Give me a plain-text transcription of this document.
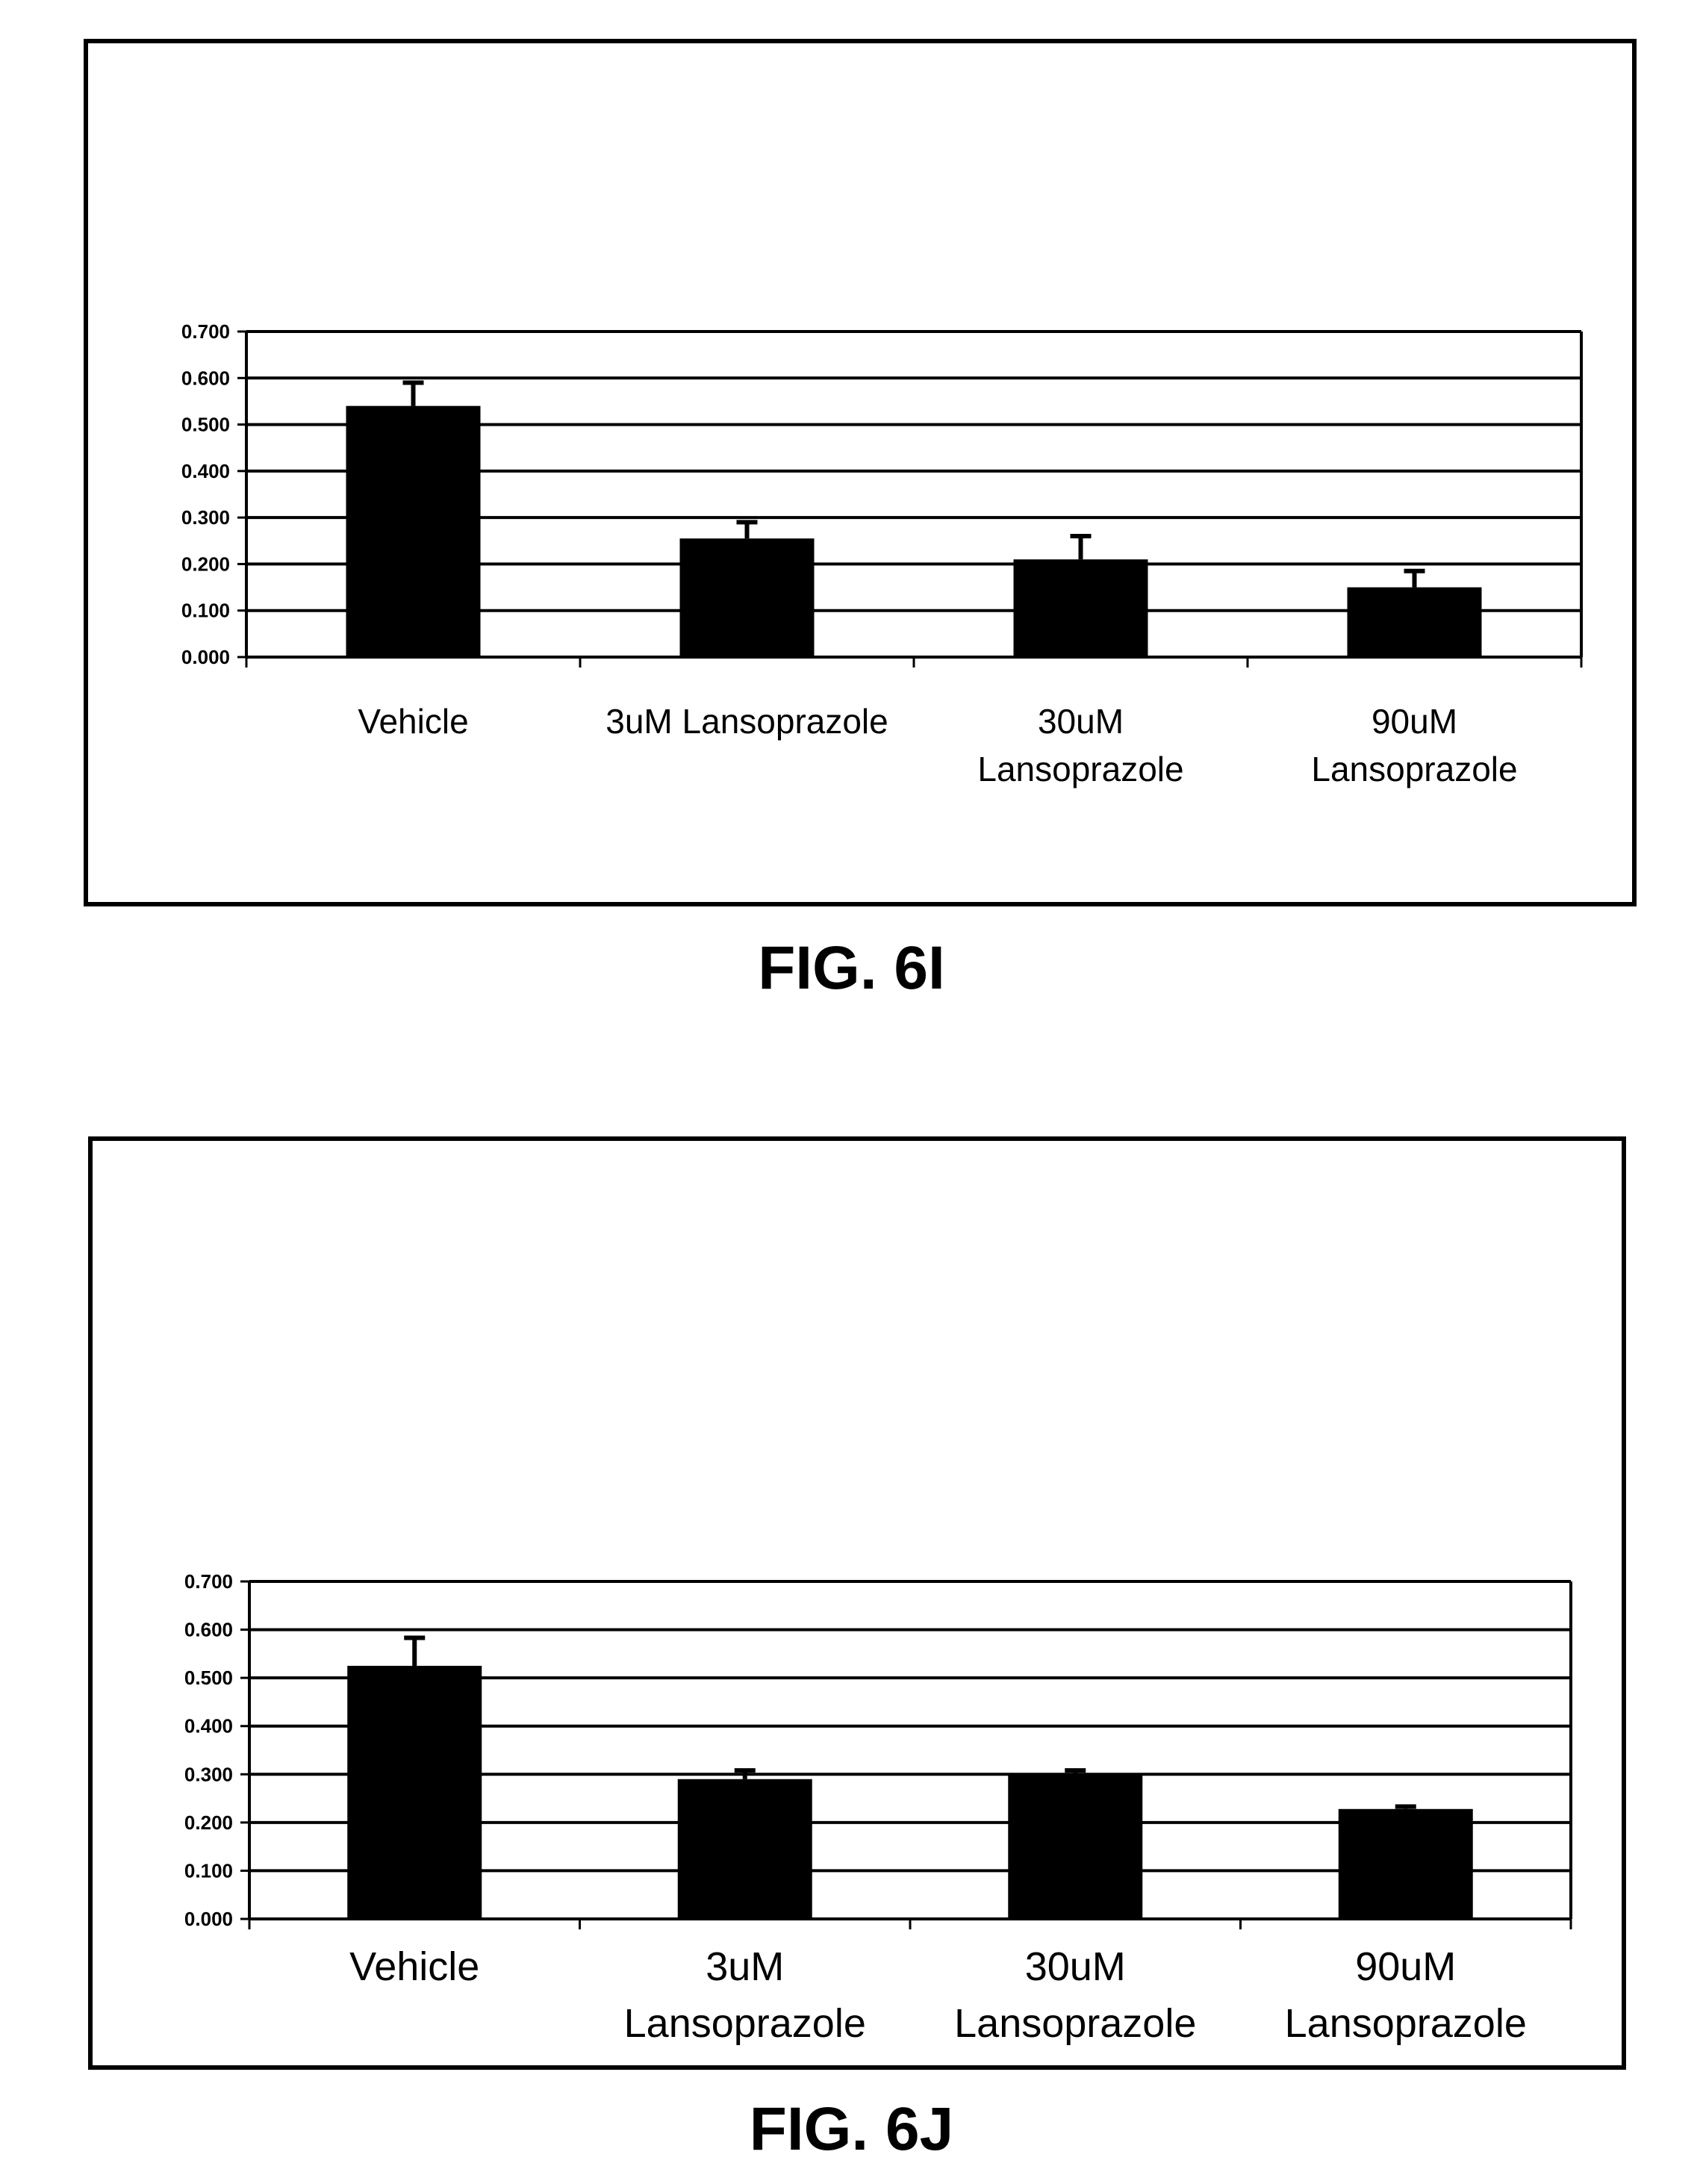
0.000
0.100
0.200
0.300
0.400
0.500
0.600
0.700
Vehicle	3uM Lansoprazole	30uM
Lansoprazole
90uM
Lansoprazole
FIG. 6I
0.000
0.100
0.200
0.300
0.400
0.500
0.600
0.700
Vehicle	3uM
Lansoprazole
30uM
Lansoprazole
90uM
Lansoprazole
FIG. 6J
